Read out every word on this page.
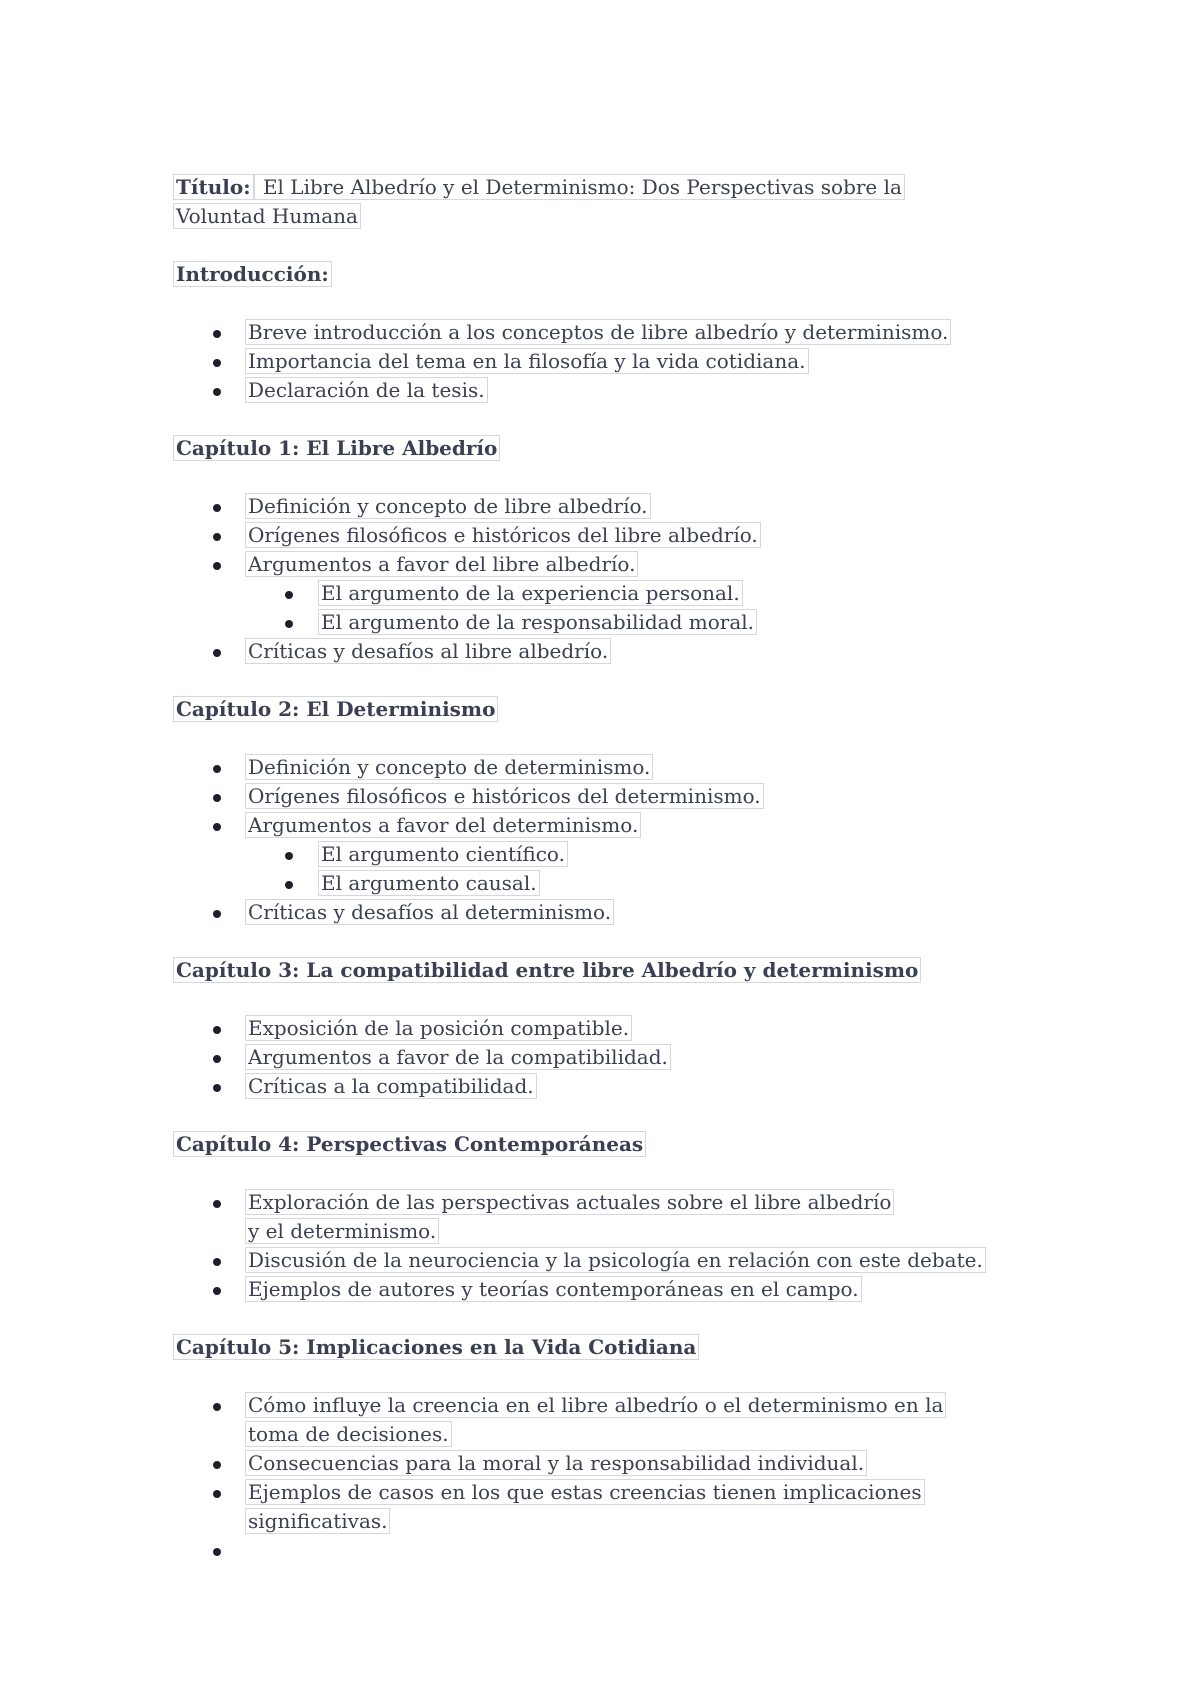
Título: El Libre Albedrío y el Determinismo: Dos Perspectivas sobre la Voluntad Humana

Introducción:
Breve introducción a los conceptos de libre albedrío y determinismo.
Importancia del tema en la filosofía y la vida cotidiana.
Declaración de la tesis.
Capítulo 1: El Libre Albedrío
Definición y concepto de libre albedrío.
Orígenes filosóficos e históricos del libre albedrío.
Argumentos a favor del libre albedrío.
El argumento de la experiencia personal.
El argumento de la responsabilidad moral.
Críticas y desafíos al libre albedrío.
Capítulo 2: El Determinismo
Definición y concepto de determinismo.
Orígenes filosóficos e históricos del determinismo.
Argumentos a favor del determinismo.
El argumento científico.
El argumento causal.
Críticas y desafíos al determinismo.
Capítulo 3: La compatibilidad entre libre Albedrío y determinismo
Exposición de la posición compatible.
Argumentos a favor de la compatibilidad.
Críticas a la compatibilidad.
Capítulo 4: Perspectivas Contemporáneas
Exploración de las perspectivas actuales sobre el libre albedrío y el determinismo.
Discusión de la neurociencia y la psicología en relación con este debate.
Ejemplos de autores y teorías contemporáneas en el campo.
Capítulo 5: Implicaciones en la Vida Cotidiana
Cómo influye la creencia en el libre albedrío o el determinismo en la toma de decisiones.
Consecuencias para la moral y la responsabilidad individual.
Ejemplos de casos en los que estas creencias tienen implicaciones significativas.
